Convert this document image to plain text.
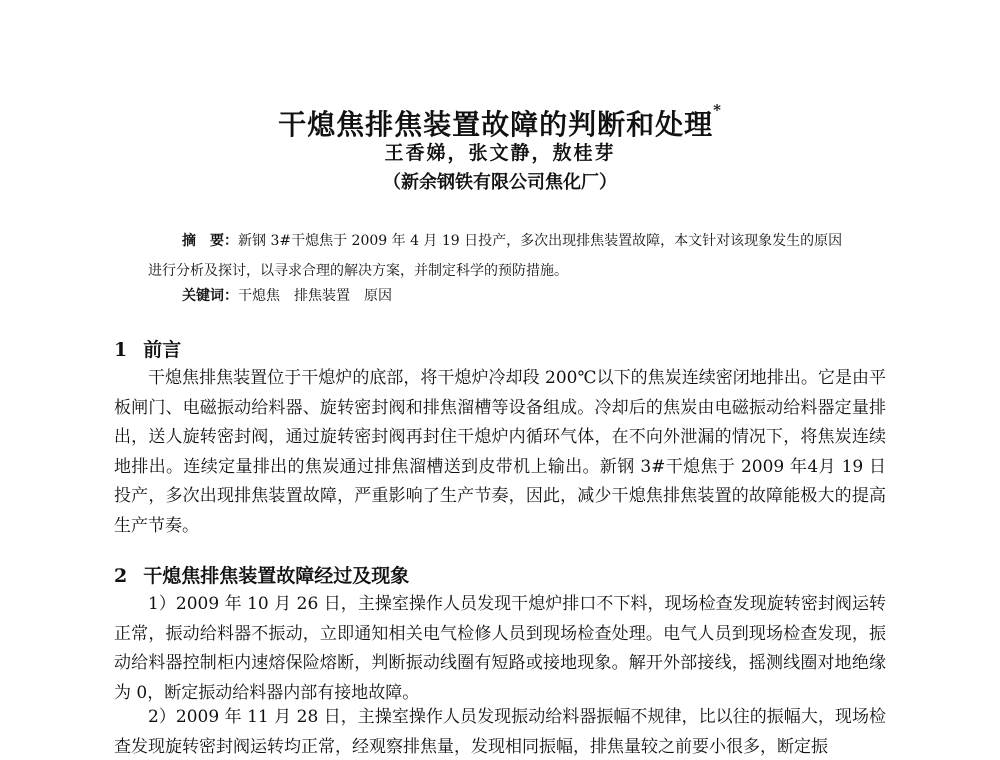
干熄焦排焦装置故障的判断和处理*
王香娣，张文静，敖桂芽
（新余钢铁有限公司焦化厂）

摘　要：新钢 3#干熄焦于 2009 年 4 月 19 日投产，多次出现排焦装置故障，本文针对该现象发生的原因进行分析及探讨，以寻求合理的解决方案，并制定科学的预防措施。

关键词：干熄焦 排焦装置 原因

1 前言

干熄焦排焦装置位于干熄炉的底部，将干熄炉冷却段 200℃以下的焦炭连续密闭地排出。它是由平板闸门、电磁振动给料器、旋转密封阀和排焦溜槽等设备组成。冷却后的焦炭由电磁振动给料器定量排出，送人旋转密封阀，通过旋转密封阀再封住干熄炉内循环气体，在不向外泄漏的情况下，将焦炭连续地排出。连续定量排出的焦炭通过排焦溜槽送到皮带机上输出。新钢 3#干熄焦于 2009 年4月 19 日投产，多次出现排焦装置故障，严重影响了生产节奏，因此，减少干熄焦排焦装置的故障能极大的提高生产节奏。

2 干熄焦排焦装置故障经过及现象

1）2009 年 10 月 26 日，主操室操作人员发现干熄炉排口不下料，现场检查发现旋转密封阀运转正常，振动给料器不振动，立即通知相关电气检修人员到现场检查处理。电气人员到现场检查发现，振动给料器控制柜内速熔保险熔断，判断振动线圈有短路或接地现象。解开外部接线，摇测线圈对地绝缘为 0，断定振动给料器内部有接地故障。

2）2009 年 11 月 28 日，主操室操作人员发现振动给料器振幅不规律，比以往的振幅大，现场检查发现旋转密封阀运转均正常，经观察排焦量，发现相同振幅，排焦量较之前要小很多，断定振
